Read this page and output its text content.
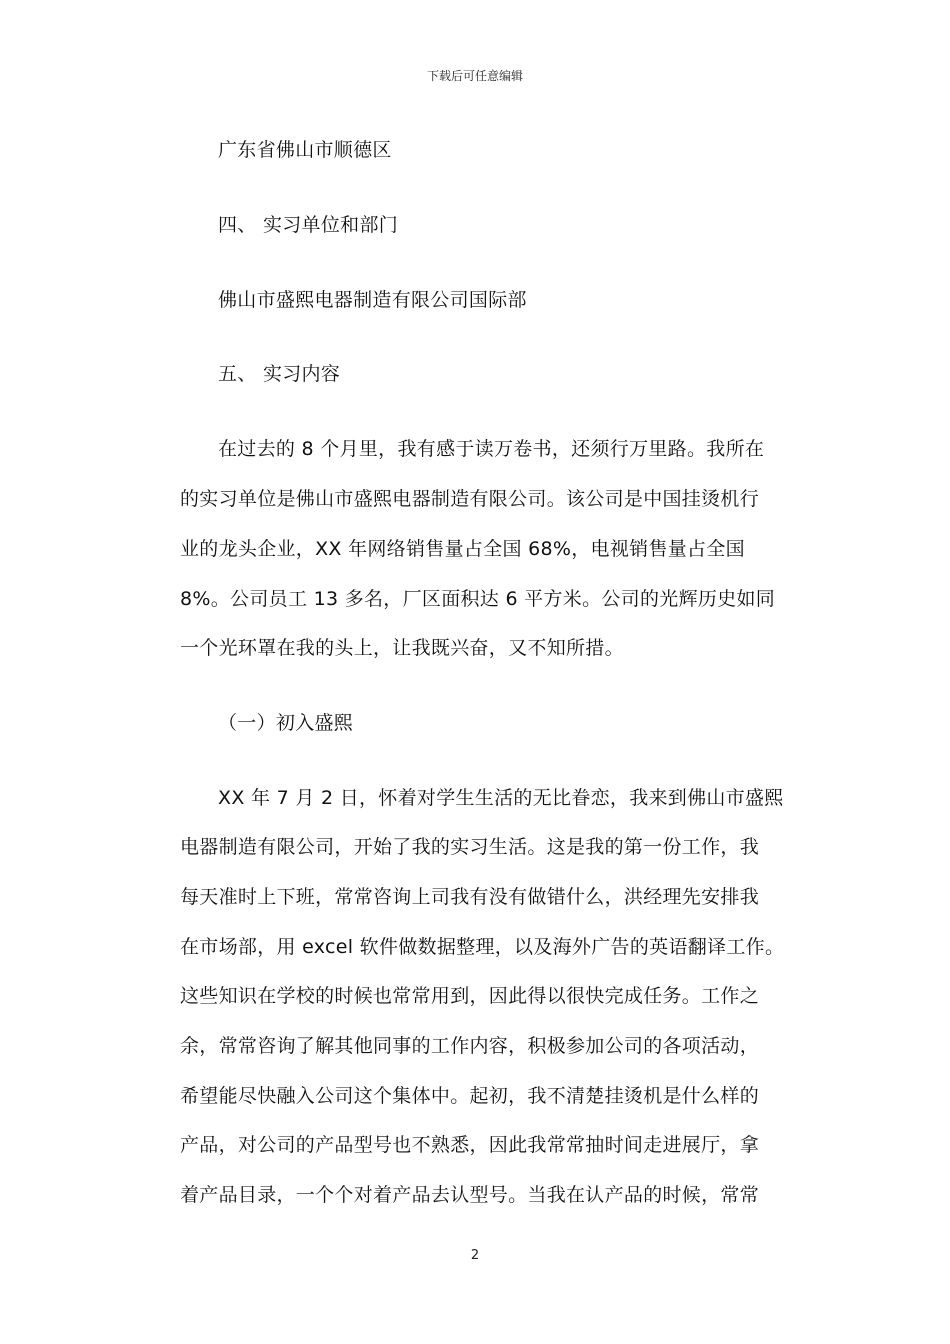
下载后可任意编辑
广东省佛山市顺德区
四、 实习单位和部门
佛山市盛熙电器制造有限公司国际部
五、 实习内容
在过去的 8 个月里，我有感于读万卷书，还须行万里路。我所在
的实习单位是佛山市盛熙电器制造有限公司。该公司是中国挂烫机行
业的龙头企业，XX 年网络销售量占全国 68%，电视销售量占全国
8%。公司员工 13 多名，厂区面积达 6 平方米。公司的光辉历史如同
一个光环罩在我的头上，让我既兴奋，又不知所措。
（一）初入盛熙
XX 年 7 月 2 日，怀着对学生生活的无比眷恋，我来到佛山市盛熙
电器制造有限公司，开始了我的实习生活。这是我的第一份工作，我
每天准时上下班，常常咨询上司我有没有做错什么，洪经理先安排我
在市场部，用 excel 软件做数据整理，以及海外广告的英语翻译工作。
这些知识在学校的时候也常常用到，因此得以很快完成任务。工作之
余，常常咨询了解其他同事的工作内容，积极参加公司的各项活动，
希望能尽快融入公司这个集体中。起初，我不清楚挂烫机是什么样的
产品，对公司的产品型号也不熟悉，因此我常常抽时间走进展厅，拿
着产品目录，一个个对着产品去认型号。当我在认产品的时候，常常
2
